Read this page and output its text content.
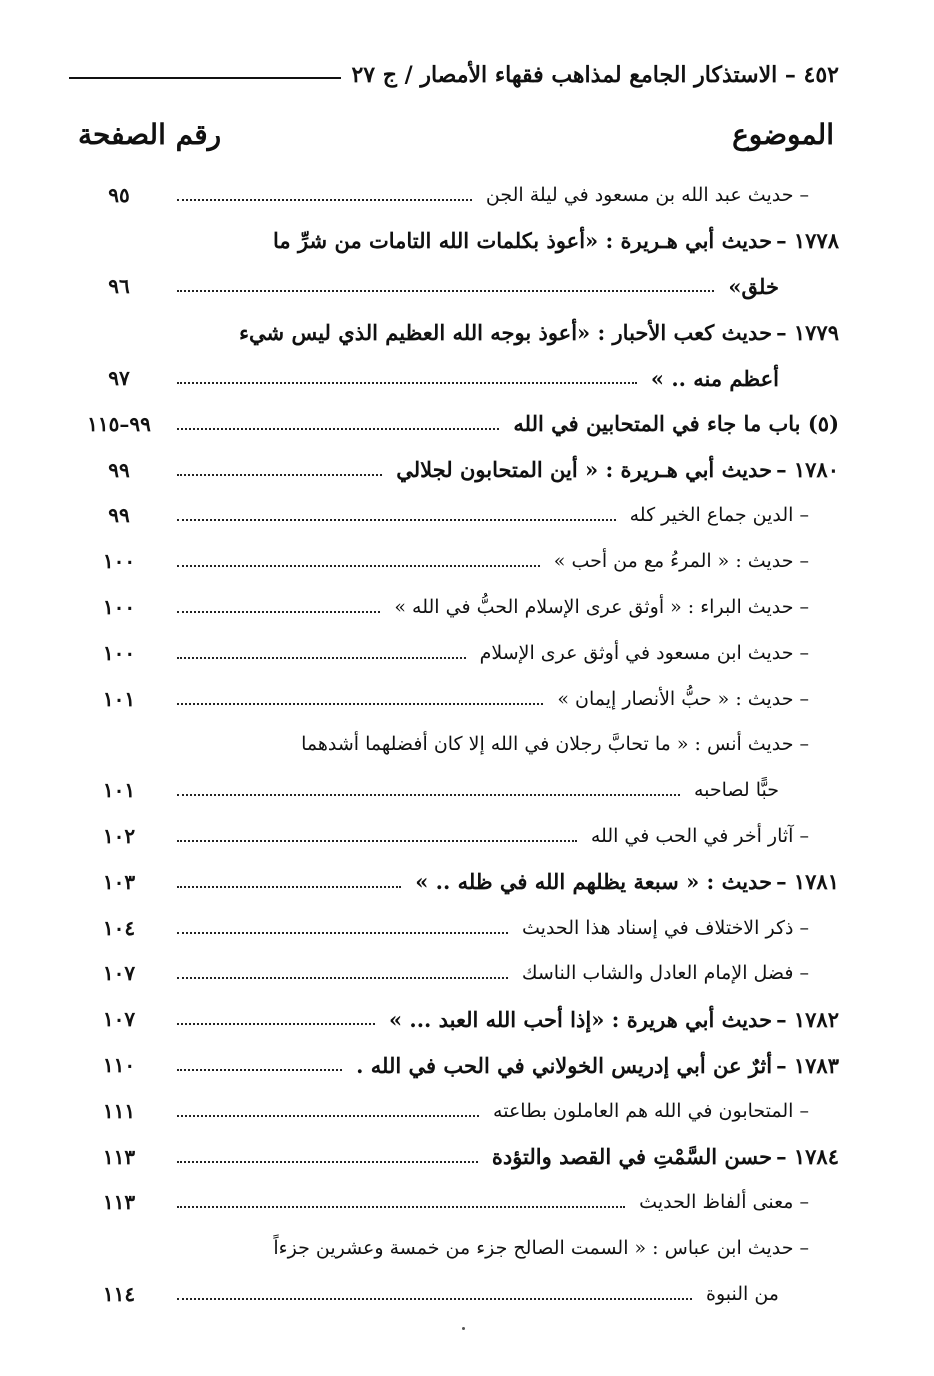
٤٥٢ – الاستذكار الجامع لمذاهب فقهاء الأمصار / ج ٢٧
الموضوع
رقم الصفحة
– حديث عبد الله بن مسعود في ليلة الجن
٩٥
١٧٧٨ –
حديث أبي هـريرة : «أعوذ بكلمات الله التامات من شرِّ ما
خلق»
٩٦
١٧٧٩ –
حديث كعب الأحبار : «أعوذ بوجه الله العظيم الذي ليس شيء
أعظم منه .. »
٩٧
(٥) باب ما جاء في المتحابين في الله
٩٩–١١٥
١٧٨٠ –
حديث أبي هـريرة : « أين المتحابون لجلالي
٩٩
– الدين جماع الخير كله
٩٩
– حديث : « المرءُ مع من أحب »
١٠٠
– حديث البراء : « أوثق عرى الإسلام الحبُّ في الله »
١٠٠
– حديث ابن مسعود في أوثق عرى الإسلام
١٠٠
– حديث : « حبُّ الأنصار إيمان »
١٠١
– حديث أنس : « ما تحابَّ رجلان في الله إلا كان أفضلهما أشدهما
حبًّا لصاحبه
١٠١
– آثار أخر في الحب في الله
١٠٢
١٧٨١ –
حديث : « سبعة يظلهم الله في ظله .. »
١٠٣
– ذكر الاختلاف في إسناد هذا الحديث
١٠٤
– فضل الإمام العادل والشاب الناسك
١٠٧
١٧٨٢ –
حديث أبي هريرة : «إذا أحب الله العبد ... »
١٠٧
١٧٨٣ –
أثرٌ عن أبي إدريس الخولاني في الحب في الله .
١١٠
– المتحابون في الله هم العاملون بطاعته
١١١
١٧٨٤ –
حسن السَّمْتِ في القصد والتؤدة
١١٣
– معنى ألفاظ الحديث
١١٣
– حديث ابن عباس : « السمت الصالح جزء من خمسة وعشرين جزءاً
من النبوة
١١٤
